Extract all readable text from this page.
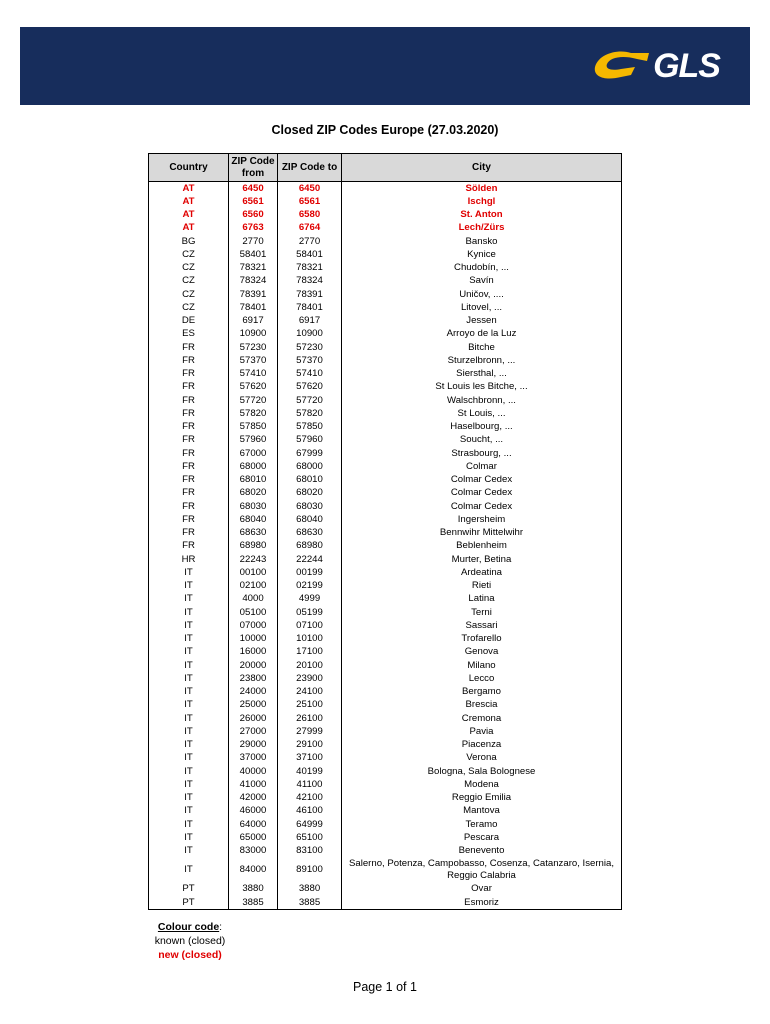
GLS
Closed ZIP Codes Europe (27.03.2020)
Country	ZIP Code from	ZIP Code to	City
AT	6450	6450	Sölden
AT	6561	6561	Ischgl
AT	6560	6580	St. Anton
AT	6763	6764	Lech/Zürs
BG	2770	2770	Bansko
CZ	58401	58401	Kynice
CZ	78321	78321	Chudobín, ...
CZ	78324	78324	Savín
CZ	78391	78391	Uničov, ....
CZ	78401	78401	Litovel, ...
DE	6917	6917	Jessen
ES	10900	10900	Arroyo de la Luz
FR	57230	57230	Bitche
FR	57370	57370	Sturzelbronn, ...
FR	57410	57410	Siersthal, ...
FR	57620	57620	St Louis les Bitche, ...
FR	57720	57720	Walschbronn, ...
FR	57820	57820	St Louis, ...
FR	57850	57850	Haselbourg, ...
FR	57960	57960	Soucht, ...
FR	67000	67999	Strasbourg, ...
FR	68000	68000	Colmar
FR	68010	68010	Colmar Cedex
FR	68020	68020	Colmar Cedex
FR	68030	68030	Colmar Cedex
FR	68040	68040	Ingersheim
FR	68630	68630	Bennwihr Mittelwihr
FR	68980	68980	Beblenheim
HR	22243	22244	Murter, Betina
IT	00100	00199	Ardeatina
IT	02100	02199	Rieti
IT	4000	4999	Latina
IT	05100	05199	Terni
IT	07000	07100	Sassari
IT	10000	10100	Trofarello
IT	16000	17100	Genova
IT	20000	20100	Milano
IT	23800	23900	Lecco
IT	24000	24100	Bergamo
IT	25000	25100	Brescia
IT	26000	26100	Cremona
IT	27000	27999	Pavia
IT	29000	29100	Piacenza
IT	37000	37100	Verona
IT	40000	40199	Bologna, Sala Bolognese
IT	41000	41100	Modena
IT	42000	42100	Reggio Emilia
IT	46000	46100	Mantova
IT	64000	64999	Teramo
IT	65000	65100	Pescara
IT	83000	83100	Benevento
IT	84000	89100	Salerno, Potenza, Campobasso, Cosenza, Catanzaro, Isernia, Reggio Calabria
PT	3880	3880	Ovar
PT	3885	3885	Esmoriz
Colour code:
known (closed)
new (closed)
Page 1 of 1
